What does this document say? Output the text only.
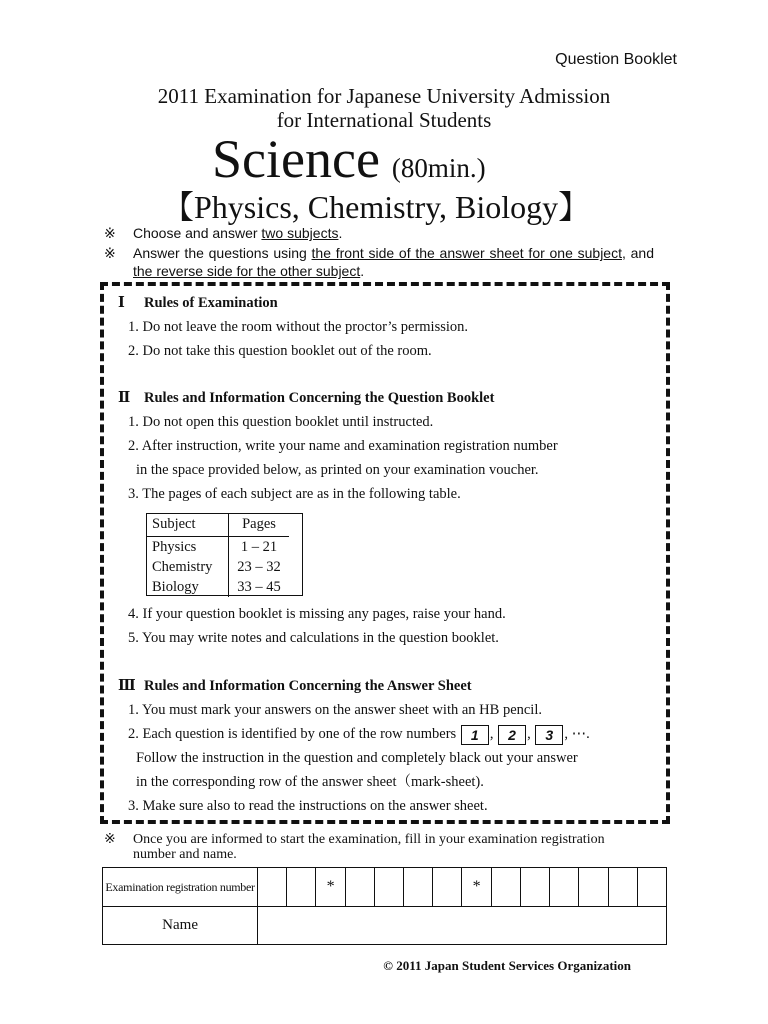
Question Booklet
2011 Examination for Japanese University Admission
for International Students
Science (80min.)
【Physics, Chemistry, Biology】
※ Choose and answer two subjects.
※ Answer the questions using the front side of the answer sheet for one subject, and the reverse side for the other subject.
Ⅰ Rules of Examination
1. Do not leave the room without the proctor’s permission.
2. Do not take this question booklet out of the room.
Ⅱ Rules and Information Concerning the Question Booklet
1. Do not open this question booklet until instructed.
2. After instruction, write your name and examination registration number
in the space provided below, as printed on your examination voucher.
3. The pages of each subject are as in the following table.
Subject	Pages
Physics	1 – 21
Chemistry	23 – 32
Biology	33 – 45
4. If your question booklet is missing any pages, raise your hand.
5. You may write notes and calculations in the question booklet.
Ⅲ Rules and Information Concerning the Answer Sheet
1. You must mark your answers on the answer sheet with an HB pencil.
2. Each question is identified by one of the row numbers 1 , 2 , 3 , ⋯.
Follow the instruction in the question and completely black out your answer
in the corresponding row of the answer sheet（mark-sheet).
3. Make sure also to read the instructions on the answer sheet.
※ Once you are informed to start the examination, fill in your examination registration number and name.
Examination registration number			*					*						
Name														
© 2011 Japan Student Services Organization
